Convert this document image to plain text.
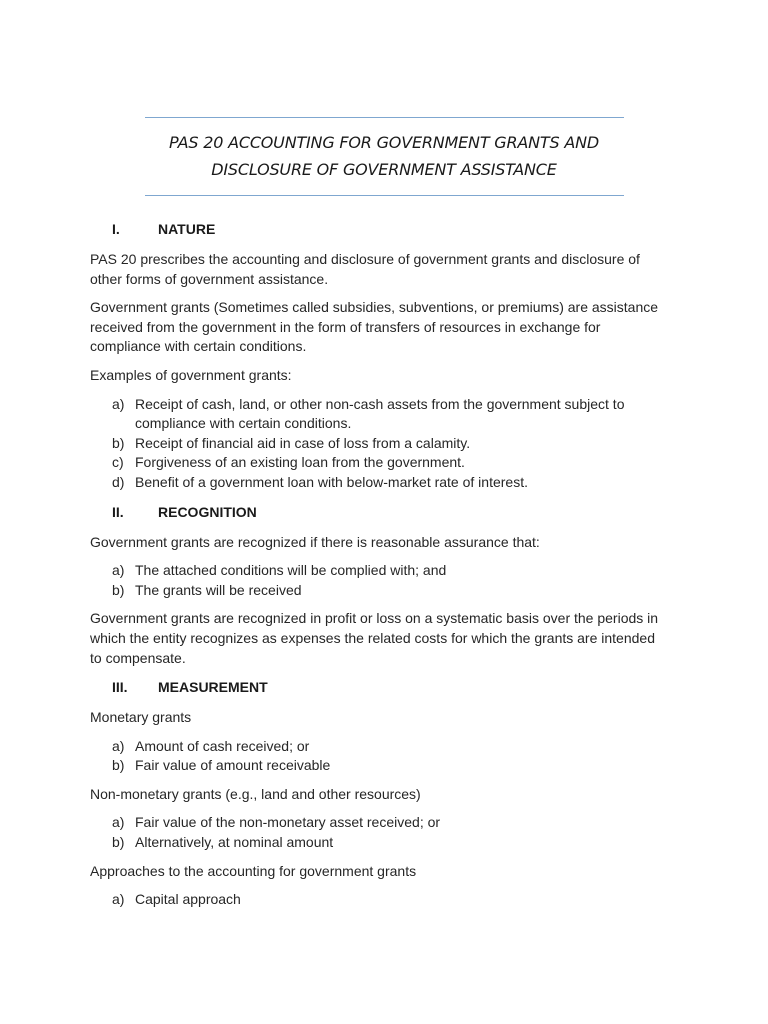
PAS 20 ACCOUNTING FOR GOVERNMENT GRANTS AND
DISCLOSURE OF GOVERNMENT ASSISTANCE
I.	NATURE

PAS 20 prescribes the accounting and disclosure of government grants and disclosure of other forms of government assistance.

Government grants (Sometimes called subsidies, subventions, or premiums) are assistance received from the government in the form of transfers of resources in exchange for compliance with certain conditions.

Examples of government grants:

a) Receipt of cash, land, or other non-cash assets from the government subject to compliance with certain conditions.
b) Receipt of financial aid in case of loss from a calamity.
c) Forgiveness of an existing loan from the government.
d) Benefit of a government loan with below-market rate of interest.
II.	RECOGNITION

Government grants are recognized if there is reasonable assurance that:

a) The attached conditions will be complied with; and
b) The grants will be received

Government grants are recognized in profit or loss on a systematic basis over the periods in which the entity recognizes as expenses the related costs for which the grants are intended to compensate.

III.	MEASUREMENT

Monetary grants

a) Amount of cash received; or
b) Fair value of amount receivable

Non-monetary grants (e.g., land and other resources)

a) Fair value of the non-monetary asset received; or
b) Alternatively, at nominal amount

Approaches to the accounting for government grants

a) Capital approach
